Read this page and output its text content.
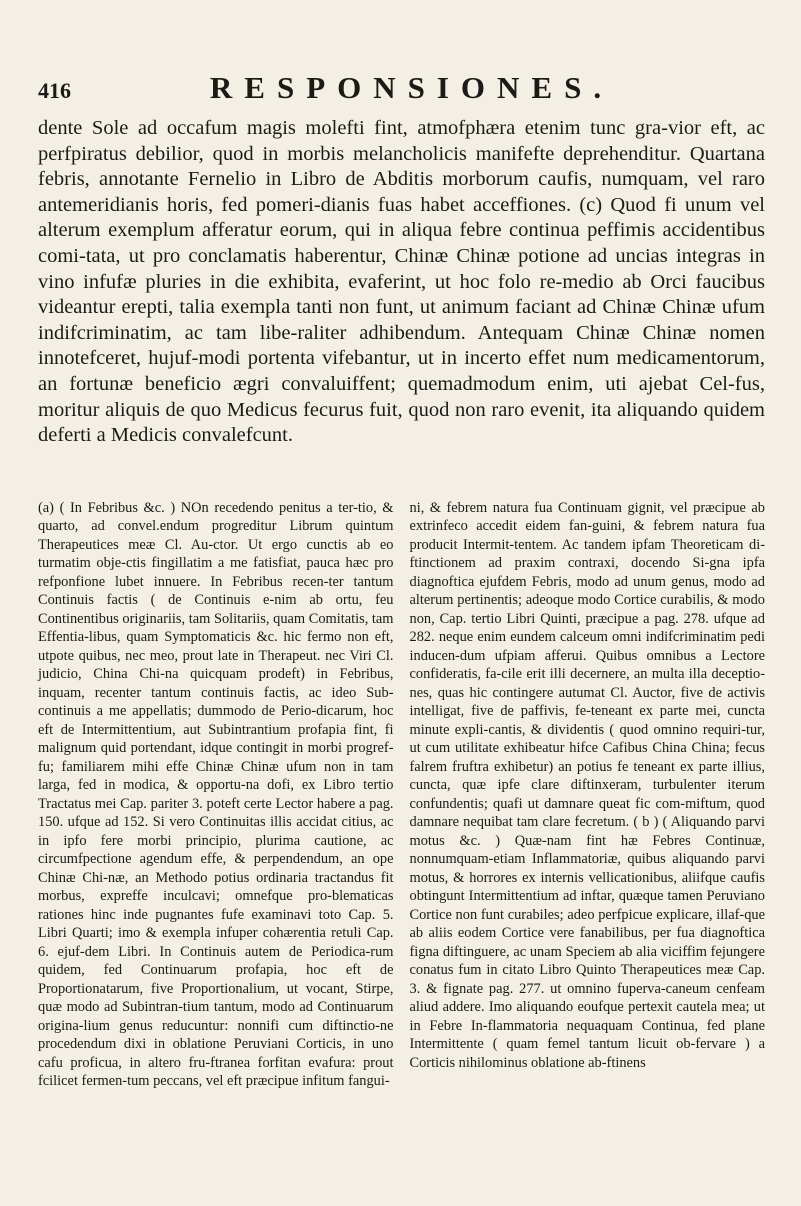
416	RESPONSIONES.

dente Sole ad occafum magis molefti fint, atmofphæra etenim tunc gra-vior eft, ac perfpiratus debilior, quod in morbis melancholicis manifefte deprehenditur. Quartana febris, annotante Fernelio in Libro de Abditis morborum caufis, numquam, vel raro antemeridianis horis, fed pomeri-dianis fuas habet acceffiones. (c) Quod fi unum vel alterum exemplum afferatur eorum, qui in aliqua febre continua peffimis accidentibus comi-tata, ut pro conclamatis haberentur, Chinæ Chinæ potione ad uncias integras in vino infufæ pluries in die exhibita, evaferint, ut hoc folo re-medio ab Orci faucibus videantur erepti, talia exempla tanti non funt, ut animum faciant ad Chinæ Chinæ ufum indifcriminatim, ac tam libe-raliter adhibendum. Antequam Chinæ Chinæ nomen innotefceret, hujuf-modi portenta vifebantur, ut in incerto effet num medicamentorum, an fortunæ beneficio ægri convaluiffent; quemadmodum enim, uti ajebat Cel-fus, moritur aliquis de quo Medicus fecurus fuit, quod non raro evenit, ita aliquando quidem deferti a Medicis convalefcunt.

(a) ( In Febribus &c. ) NOn recedendo penitus a ter-tio, & quarto, ad convel.endum progreditur Librum quintum Therapeutices meæ Cl. Au-ctor. Ut ergo cunctis ab eo turmatim obje-ctis fingillatim a me fatisfiat, pauca hæc pro refponfione lubet innuere. In Febribus recen-ter tantum Continuis factis ( de Continuis e-nim ab ortu, feu Continentibus originariis, tam Solitariis, quam Comitatis, tam Effentia-libus, quam Symptomaticis &c. hic fermo non eft, utpote quibus, nec meo, prout late in Therapeut. nec Viri Cl. judicio, China Chi-na quicquam prodeft) in Febribus, inquam, recenter tantum continuis factis, ac ideo Sub-continuis a me appellatis; dummodo de Perio-dicarum, hoc eft de Intermittentium, aut Subintrantium profapia fint, fi malignum quid portendant, idque contingit in morbi progref-fu; familiarem mihi effe Chinæ Chinæ ufum non in tam larga, fed in modica, & opportu-na dofi, ex Libro tertio Tractatus mei Cap. pariter 3. poteft certe Lector habere a pag. 150. ufque ad 152. Si vero Continuitas illis accidat citius, ac in ipfo fere morbi principio, plurima cautione, ac circumfpectione agendum effe, & perpendendum, an ope Chinæ Chi-næ, an Methodo potius ordinaria tractandus fit morbus, expreffe inculcavi; omnefque pro-blematicas rationes hinc inde pugnantes fufe examinavi toto Cap. 5. Libri Quarti; imo & exempla infuper cohærentia retuli Cap. 6. ejuf-dem Libri. In Continuis autem de Periodica-rum quidem, fed Continuarum profapia, hoc eft de Proportionatarum, five Proportionalium, ut vocant, Stirpe, quæ modo ad Subintran-tium tantum, modo ad Continuarum origina-lium genus reducuntur: nonnifi cum diftinctio-ne procedendum dixi in oblatione Peruviani Corticis, in uno cafu proficua, in altero fru-ftranea forfitan evafura: prout fcilicet fermen-tum peccans, vel eft præcipue infitum fangui-

ni, & febrem natura fua Continuam gignit, vel præcipue ab extrinfeco accedit eidem fan-guini, & febrem natura fua producit Intermit-tentem. Ac tandem ipfam Theoreticam di-ftinctionem ad praxim contraxi, docendo Si-gna ipfa diagnoftica ejufdem Febris, modo ad unum genus, modo ad alterum pertinentis; adeoque modo Cortice curabilis, & modo non, Cap. tertio Libri Quinti, præcipue a pag. 278. ufque ad 282. neque enim eundem calceum omni indifcriminatim pedi inducen-dum ufpiam afferui. Quibus omnibus a Lectore confideratis, fa-cile erit illi decernere, an multa illa deceptio-nes, quas hic contingere autumat Cl. Auctor, five de activis intelligat, five de paffivis, fe-teneant ex parte mei, cuncta minute expli-cantis, & dividentis ( quod omnino requiri-tur, ut cum utilitate exhibeatur hifce Cafibus China China; fecus falrem fruftra exhibetur) an potius fe teneant ex parte illius, cuncta, quæ ipfe clare diftinxeram, turbulenter iterum confundentis; quafi ut damnare queat fic com-miftum, quod damnare nequibat tam clare fecretum. ( b ) ( Aliquando parvi motus &c. ) Quæ-nam fint hæ Febres Continuæ, nonnumquam-etiam Inflammatoriæ, quibus aliquando parvi motus, & horrores ex internis vellicationibus, aliifque caufis obtingunt Intermittentium ad inftar, quæque tamen Peruviano Cortice non funt curabiles; adeo perfpicue explicare, illaf-que ab aliis eodem Cortice vere fanabilibus, per fua diagnoftica figna diftinguere, ac unam Speciem ab alia viciffim fejungere conatus fum in citato Libro Quinto Therapeutices meæ Cap. 3. & fignate pag. 277. ut omnino fuperva-caneum cenfeam aliud addere. Imo aliquando eoufque pertexit cautela mea; ut in Febre In-flammatoria nequaquam Continua, fed plane Intermittente ( quam femel tantum licuit ob-fervare ) a Corticis nihilominus oblatione ab-ftinens
